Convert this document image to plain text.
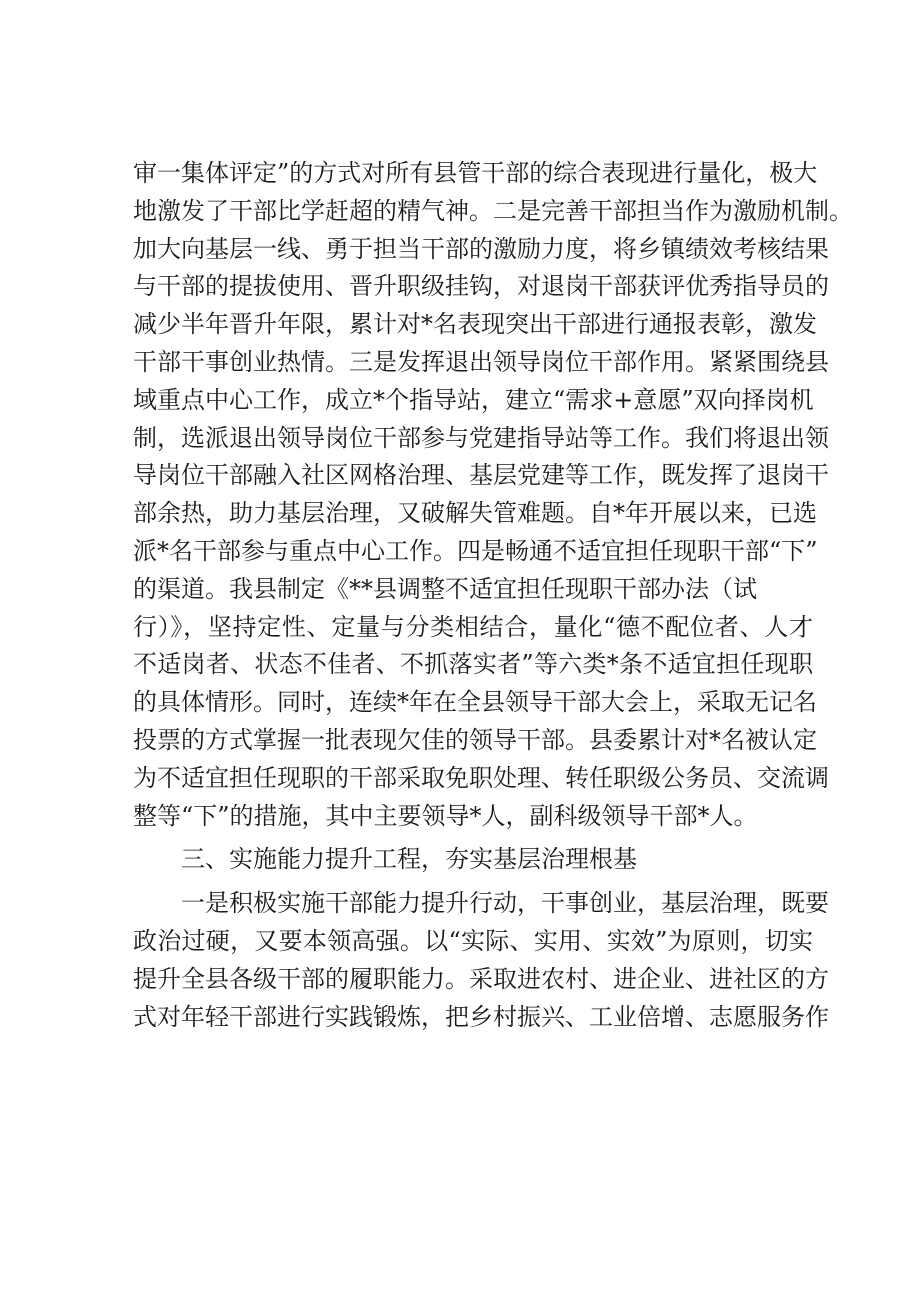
审一集体评定”的方式对所有县管干部的综合表现进行量化，极大
地激发了干部比学赶超的精气神。二是完善干部担当作为激励机制。
加大向基层一线、勇于担当干部的激励力度，将乡镇绩效考核结果
与干部的提拔使用、晋升职级挂钩，对退岗干部获评优秀指导员的
减少半年晋升年限，累计对*名表现突出干部进行通报表彰，激发
干部干事创业热情。三是发挥退出领导岗位干部作用。紧紧围绕县
域重点中心工作，成立*个指导站，建立“需求+意愿”双向择岗机
制，选派退出领导岗位干部参与党建指导站等工作。我们将退出领
导岗位干部融入社区网格治理、基层党建等工作，既发挥了退岗干
部余热，助力基层治理，又破解失管难题。自*年开展以来，已选
派*名干部参与重点中心工作。四是畅通不适宜担任现职干部“下”
的渠道。我县制定《**县调整不适宜担任现职干部办法（试
行）》，坚持定性、定量与分类相结合，量化“德不配位者、人才
不适岗者、状态不佳者、不抓落实者”等六类*条不适宜担任现职
的具体情形。同时，连续*年在全县领导干部大会上，采取无记名
投票的方式掌握一批表现欠佳的领导干部。县委累计对*名被认定
为不适宜担任现职的干部采取免职处理、转任职级公务员、交流调
整等“下”的措施，其中主要领导*人，副科级领导干部*人。
三、实施能力提升工程，夯实基层治理根基
一是积极实施干部能力提升行动，干事创业，基层治理，既要
政治过硬，又要本领高强。以“实际、实用、实效”为原则，切实
提升全县各级干部的履职能力。采取进农村、进企业、进社区的方
式对年轻干部进行实践锻炼，把乡村振兴、工业倍增、志愿服务作
